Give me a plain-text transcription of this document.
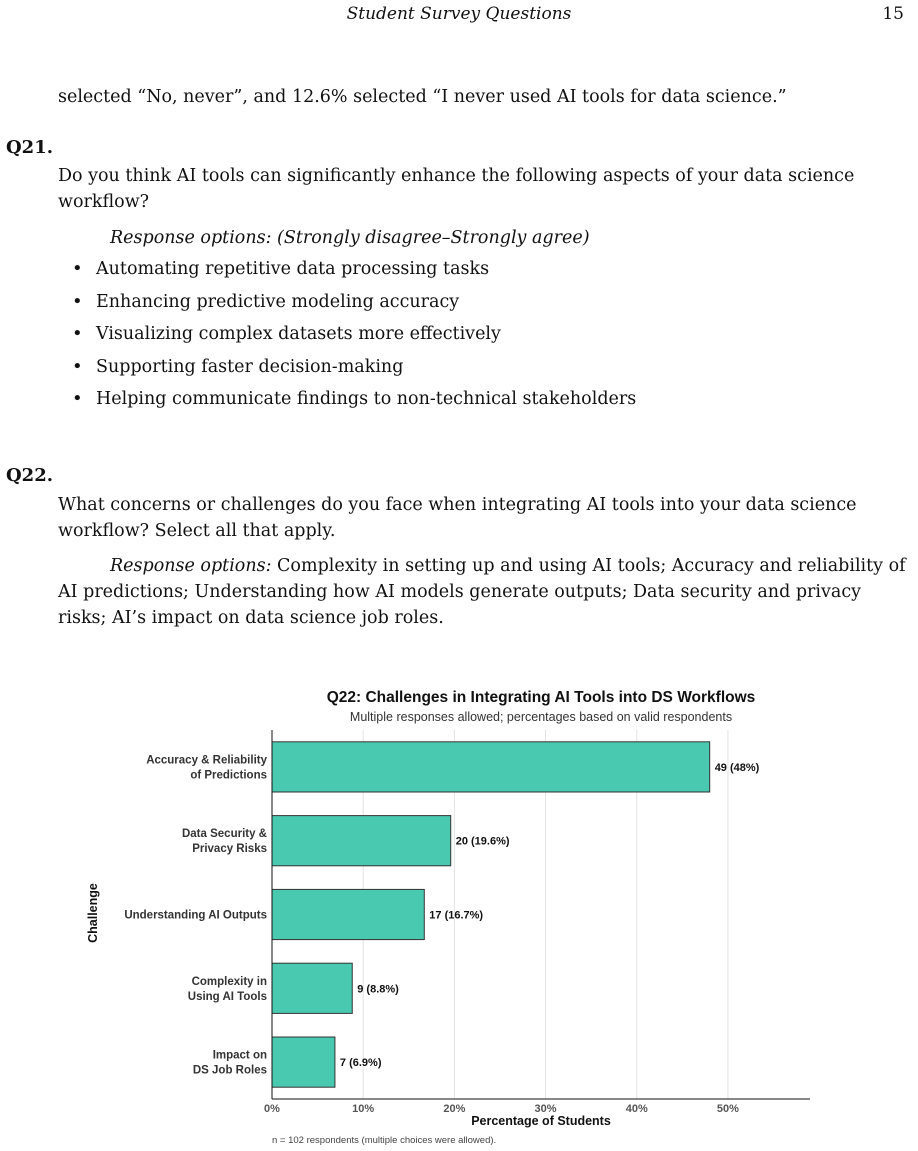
Student Survey Questions	15
selected “No, never”, and 12.6% selected “I never used AI tools for data science.”
Q21.
Do you think AI tools can significantly enhance the following aspects of your data science workflow?
Response options: (Strongly disagree–Strongly agree)
• Automating repetitive data processing tasks
• Enhancing predictive modeling accuracy
• Visualizing complex datasets more effectively
• Supporting faster decision-making
• Helping communicate findings to non-technical stakeholders
Q22.
What concerns or challenges do you face when integrating AI tools into your data science workflow? Select all that apply.
Response options: Complexity in setting up and using AI tools; Accuracy and reliability of AI predictions; Understanding how AI models generate outputs; Data security and privacy risks; AI’s impact on data science job roles.
Q22: Challenges in Integrating AI Tools into DS Workflows
Multiple responses allowed; percentages based on valid respondents
49 (48%)
20 (19.6%)
17 (16.7%)
9 (8.8%)
7 (6.9%)
Accuracy & Reliability of Predictions
Data Security & Privacy Risks
Understanding AI Outputs
Complexity in Using AI Tools
Impact on DS Job Roles
0%	10%	20%	30%	40%	50%
Percentage of Students
Challenge
n = 102 respondents (multiple choices were allowed).
